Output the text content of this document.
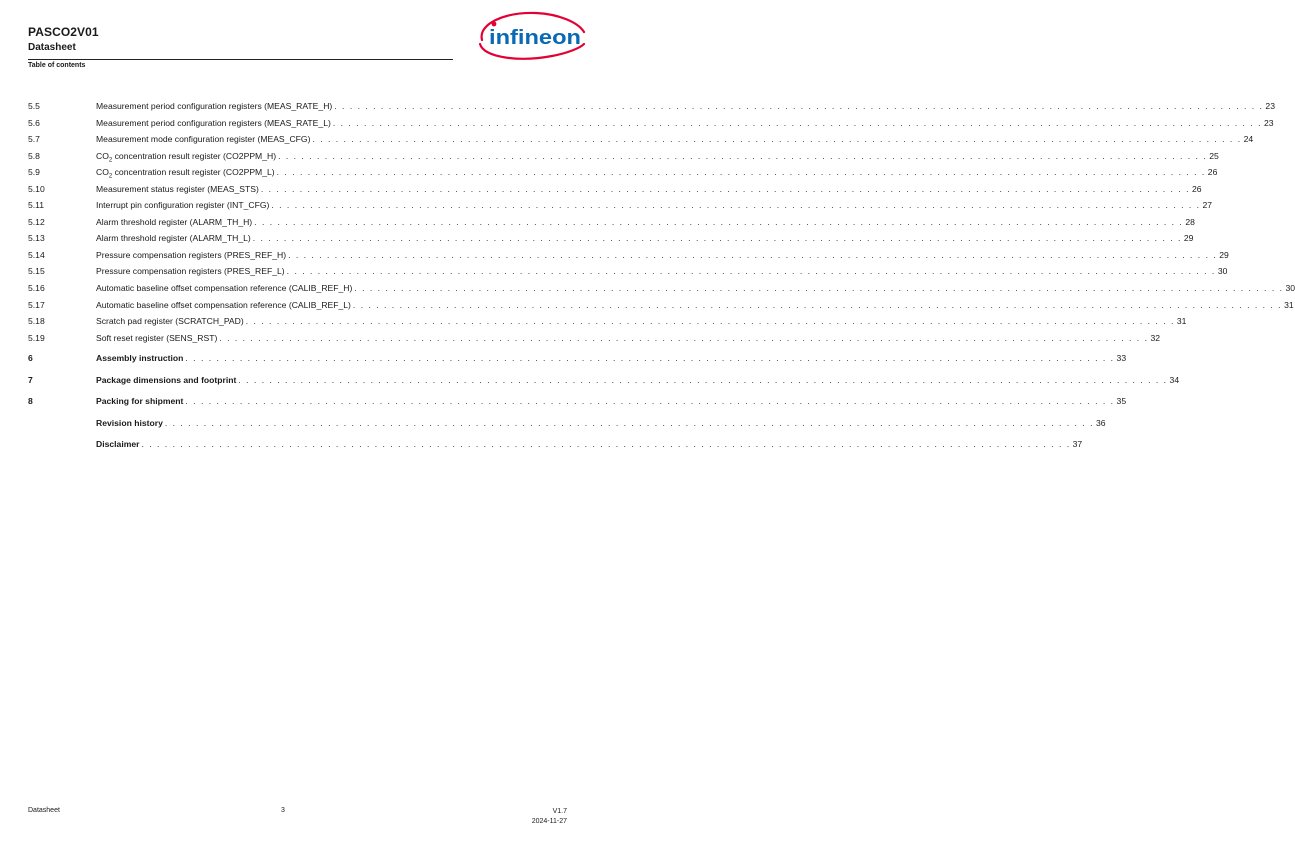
PASCO2V01
Datasheet
Table of contents
infineon
5.5	Measurement period configuration registers (MEAS_RATE_H) . . . . . . . . . . . . . . . . . . . . . . . . . . . . . . . . . . . . . . . . . . . . . . . . . . . . . . . . . . . . . . . . . . . . . . . . . . . . . . . . . . . . . . . . . . . . . . . . . . . . . . . . . . . . . . . . . . . . . . . . 23
5.6	Measurement period configuration registers (MEAS_RATE_L) . . . . . . . . . . . . . . . . . . . . . . . . . . . . . . . . . . . . . . . . . . . . . . . . . . . . . . . . . . . . . . . . . . . . . . . . . . . . . . . . . . . . . . . . . . . . . . . . . . . . . . . . . . . . . . . . . . . . . . . . 23
5.7	Measurement mode configuration register (MEAS_CFG) . . . . . . . . . . . . . . . . . . . . . . . . . . . . . . . . . . . . . . . . . . . . . . . . . . . . . . . . . . . . . . . . . . . . . . . . . . . . . . . . . . . . . . . . . . . . . . . . . . . . . . . . . . . . . . . . . . . . . . . . 24
5.8	$CO_2$ concentration result register (CO2PPM_H) . . . . . . . . . . . . . . . . . . . . . . . . . . . . . . . . . . . . . . . . . . . . . . . . . . . . . . . . . . . . . . . . . . . . . . . . . . . . . . . . . . . . . . . . . . . . . . . . . . . . . . . . . . . . . . . . . . . . . . . . 25
5.9	$CO_2$ concentration result register (CO2PPM_L) . . . . . . . . . . . . . . . . . . . . . . . . . . . . . . . . . . . . . . . . . . . . . . . . . . . . . . . . . . . . . . . . . . . . . . . . . . . . . . . . . . . . . . . . . . . . . . . . . . . . . . . . . . . . . . . . . . . . . . . . 26
5.10	Measurement status register (MEAS_STS) . . . . . . . . . . . . . . . . . . . . . . . . . . . . . . . . . . . . . . . . . . . . . . . . . . . . . . . . . . . . . . . . . . . . . . . . . . . . . . . . . . . . . . . . . . . . . . . . . . . . . . . . . . . . . . . . . . . . . . . . 26
5.11	Interrupt pin configuration register (INT_CFG) . . . . . . . . . . . . . . . . . . . . . . . . . . . . . . . . . . . . . . . . . . . . . . . . . . . . . . . . . . . . . . . . . . . . . . . . . . . . . . . . . . . . . . . . . . . . . . . . . . . . . . . . . . . . . . . . . . . . . . . . 27
5.12	Alarm threshold register (ALARM_TH_H) . . . . . . . . . . . . . . . . . . . . . . . . . . . . . . . . . . . . . . . . . . . . . . . . . . . . . . . . . . . . . . . . . . . . . . . . . . . . . . . . . . . . . . . . . . . . . . . . . . . . . . . . . . . . . . . . . . . . . . . . 28
5.13	Alarm threshold register (ALARM_TH_L) . . . . . . . . . . . . . . . . . . . . . . . . . . . . . . . . . . . . . . . . . . . . . . . . . . . . . . . . . . . . . . . . . . . . . . . . . . . . . . . . . . . . . . . . . . . . . . . . . . . . . . . . . . . . . . . . . . . . . . . . 29
5.14	Pressure compensation registers (PRES_REF_H) . . . . . . . . . . . . . . . . . . . . . . . . . . . . . . . . . . . . . . . . . . . . . . . . . . . . . . . . . . . . . . . . . . . . . . . . . . . . . . . . . . . . . . . . . . . . . . . . . . . . . . . . . . . . . . . . . . . . . . . . 29
5.15	Pressure compensation registers (PRES_REF_L) . . . . . . . . . . . . . . . . . . . . . . . . . . . . . . . . . . . . . . . . . . . . . . . . . . . . . . . . . . . . . . . . . . . . . . . . . . . . . . . . . . . . . . . . . . . . . . . . . . . . . . . . . . . . . . . . . . . . . . . . 30
5.16	Automatic baseline offset compensation reference (CALIB_REF_H) . . . . . . . . . . . . . . . . . . . . . . . . . . . . . . . . . . . . . . . . . . . . . . . . . . . . . . . . . . . . . . . . . . . . . . . . . . . . . . . . . . . . . . . . . . . . . . . . . . . . . . . . . . . . . . . . . . . . . . . . 30
5.17	Automatic baseline offset compensation reference (CALIB_REF_L) . . . . . . . . . . . . . . . . . . . . . . . . . . . . . . . . . . . . . . . . . . . . . . . . . . . . . . . . . . . . . . . . . . . . . . . . . . . . . . . . . . . . . . . . . . . . . . . . . . . . . . . . . . . . . . . . . . . . . . . . 31
5.18	Scratch pad register (SCRATCH_PAD) . . . . . . . . . . . . . . . . . . . . . . . . . . . . . . . . . . . . . . . . . . . . . . . . . . . . . . . . . . . . . . . . . . . . . . . . . . . . . . . . . . . . . . . . . . . . . . . . . . . . . . . . . . . . . . . . . . . . . . . . 31
5.19	Soft reset register (SENS_RST) . . . . . . . . . . . . . . . . . . . . . . . . . . . . . . . . . . . . . . . . . . . . . . . . . . . . . . . . . . . . . . . . . . . . . . . . . . . . . . . . . . . . . . . . . . . . . . . . . . . . . . . . . . . . . . . . . . . . . . . . 32
6	Assembly instruction . . . . . . . . . . . . . . . . . . . . . . . . . . . . . . . . . . . . . . . . . . . . . . . . . . . . . . . . . . . . . . . . . . . . . . . . . . . . . . . . . . . . . . . . . . . . . . . . . . . . . . . . . . . . . . . . . . . . . . . . 33
7	Package dimensions and footprint . . . . . . . . . . . . . . . . . . . . . . . . . . . . . . . . . . . . . . . . . . . . . . . . . . . . . . . . . . . . . . . . . . . . . . . . . . . . . . . . . . . . . . . . . . . . . . . . . . . . . . . . . . . . . . . . . . . . . . . . 34
8	Packing for shipment . . . . . . . . . . . . . . . . . . . . . . . . . . . . . . . . . . . . . . . . . . . . . . . . . . . . . . . . . . . . . . . . . . . . . . . . . . . . . . . . . . . . . . . . . . . . . . . . . . . . . . . . . . . . . . . . . . . . . . . . 35
Revision history . . . . . . . . . . . . . . . . . . . . . . . . . . . . . . . . . . . . . . . . . . . . . . . . . . . . . . . . . . . . . . . . . . . . . . . . . . . . . . . . . . . . . . . . . . . . . . . . . . . . . . . . . . . . . . . . . . . . . . . . 36
Disclaimer . . . . . . . . . . . . . . . . . . . . . . . . . . . . . . . . . . . . . . . . . . . . . . . . . . . . . . . . . . . . . . . . . . . . . . . . . . . . . . . . . . . . . . . . . . . . . . . . . . . . . . . . . . . . . . . . . . . . . . . . 37
Datasheet	3	V1.7
2024-11-27
